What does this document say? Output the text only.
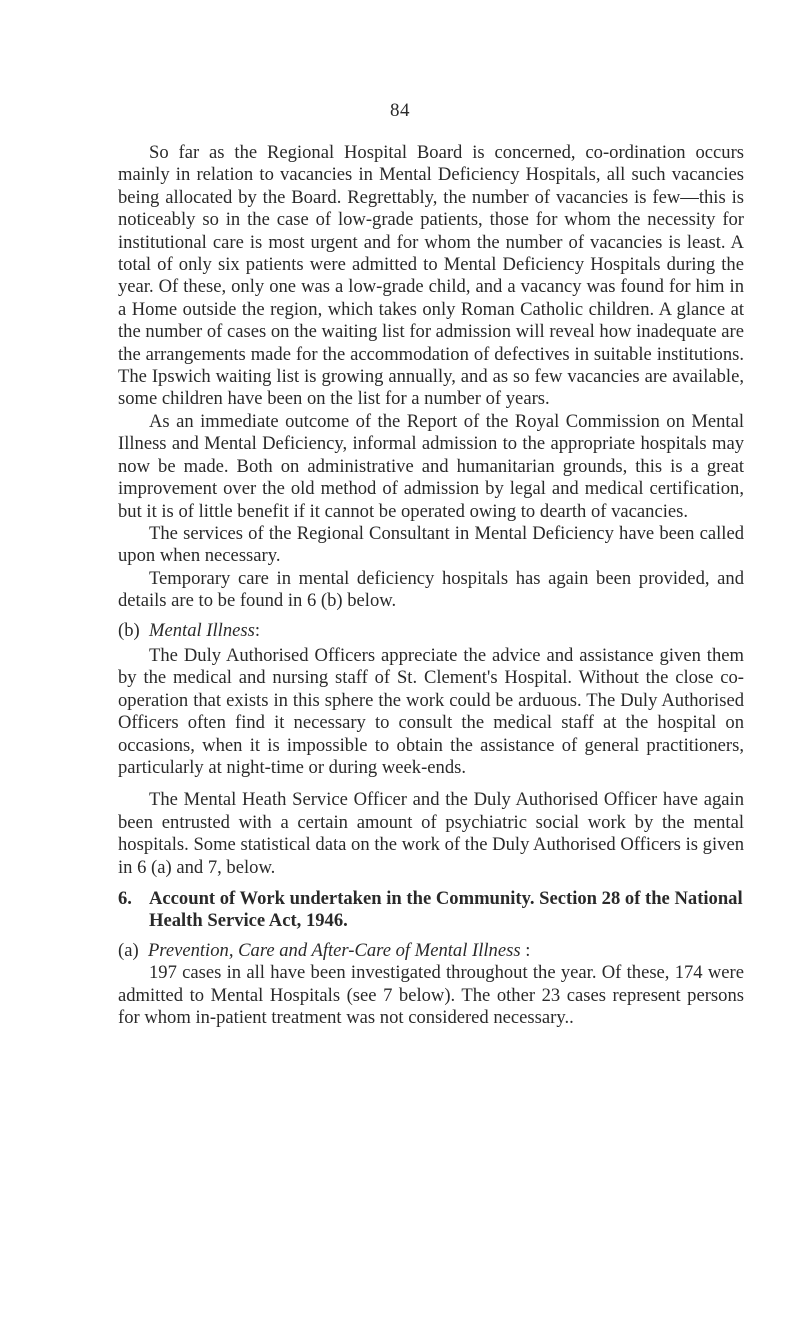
84

So far as the Regional Hospital Board is concerned, co-ordination occurs mainly in relation to vacancies in Mental Deficiency Hospitals, all such vacancies being allocated by the Board. Regrettably, the number of vacancies is few—this is noticeably so in the case of low-grade patients, those for whom the necessity for institutional care is most urgent and for whom the number of vacancies is least. A total of only six patients were admitted to Mental Deficiency Hospitals during the year. Of these, only one was a low-grade child, and a vacancy was found for him in a Home outside the region, which takes only Roman Catholic children. A glance at the number of cases on the waiting list for admission will reveal how inadequate are the arrangements made for the accommodation of defectives in suitable institutions. The Ipswich waiting list is growing annually, and as so few vacancies are available, some children have been on the list for a number of years.

As an immediate outcome of the Report of the Royal Commission on Mental Illness and Mental Deficiency, informal admission to the appropriate hospitals may now be made. Both on administrative and humanitarian grounds, this is a great improvement over the old method of admission by legal and medical certification, but it is of little benefit if it cannot be operated owing to dearth of vacancies.

The services of the Regional Consultant in Mental Deficiency have been called upon when necessary.

Temporary care in mental deficiency hospitals has again been provided, and details are to be found in 6 (b) below.

(b) Mental Illness:

The Duly Authorised Officers appreciate the advice and assistance given them by the medical and nursing staff of St. Clement's Hospital. Without the close co-operation that exists in this sphere the work could be arduous. The Duly Authorised Officers often find it necessary to consult the medical staff at the hospital on occasions, when it is impossible to obtain the assistance of general practitioners, particularly at night-time or during week-ends.

The Mental Heath Service Officer and the Duly Authorised Officer have again been entrusted with a certain amount of psychiatric social work by the mental hospitals. Some statistical data on the work of the Duly Authorised Officers is given in 6 (a) and 7, below.

6. Account of Work undertaken in the Community. Section 28 of the National Health Service Act, 1946.

(a) Prevention, Care and After-Care of Mental Illness :

197 cases in all have been investigated throughout the year. Of these, 174 were admitted to Mental Hospitals (see 7 below). The other 23 cases represent persons for whom in-patient treatment was not considered necessary..
